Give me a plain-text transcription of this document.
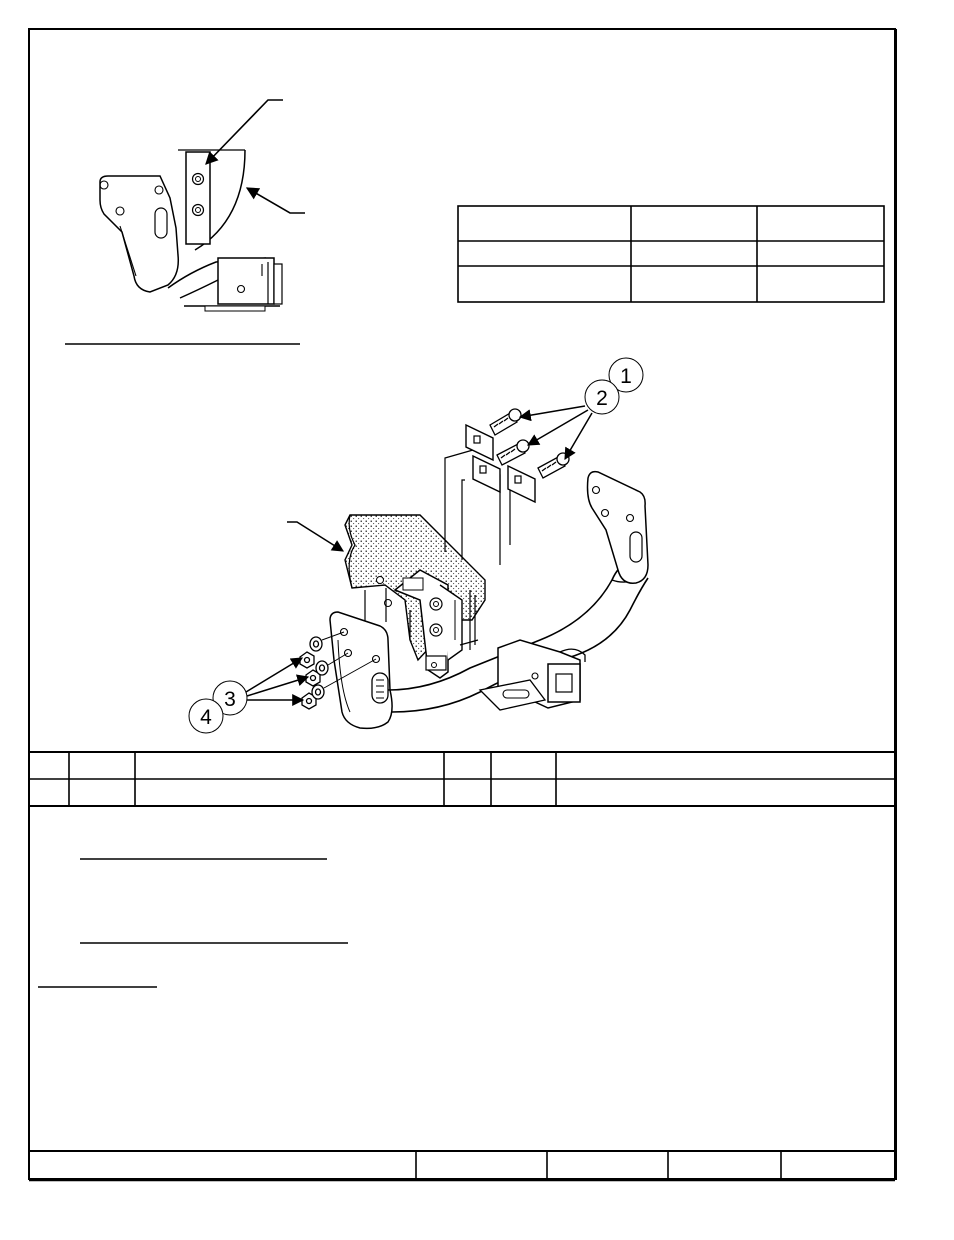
1
2
3
4
